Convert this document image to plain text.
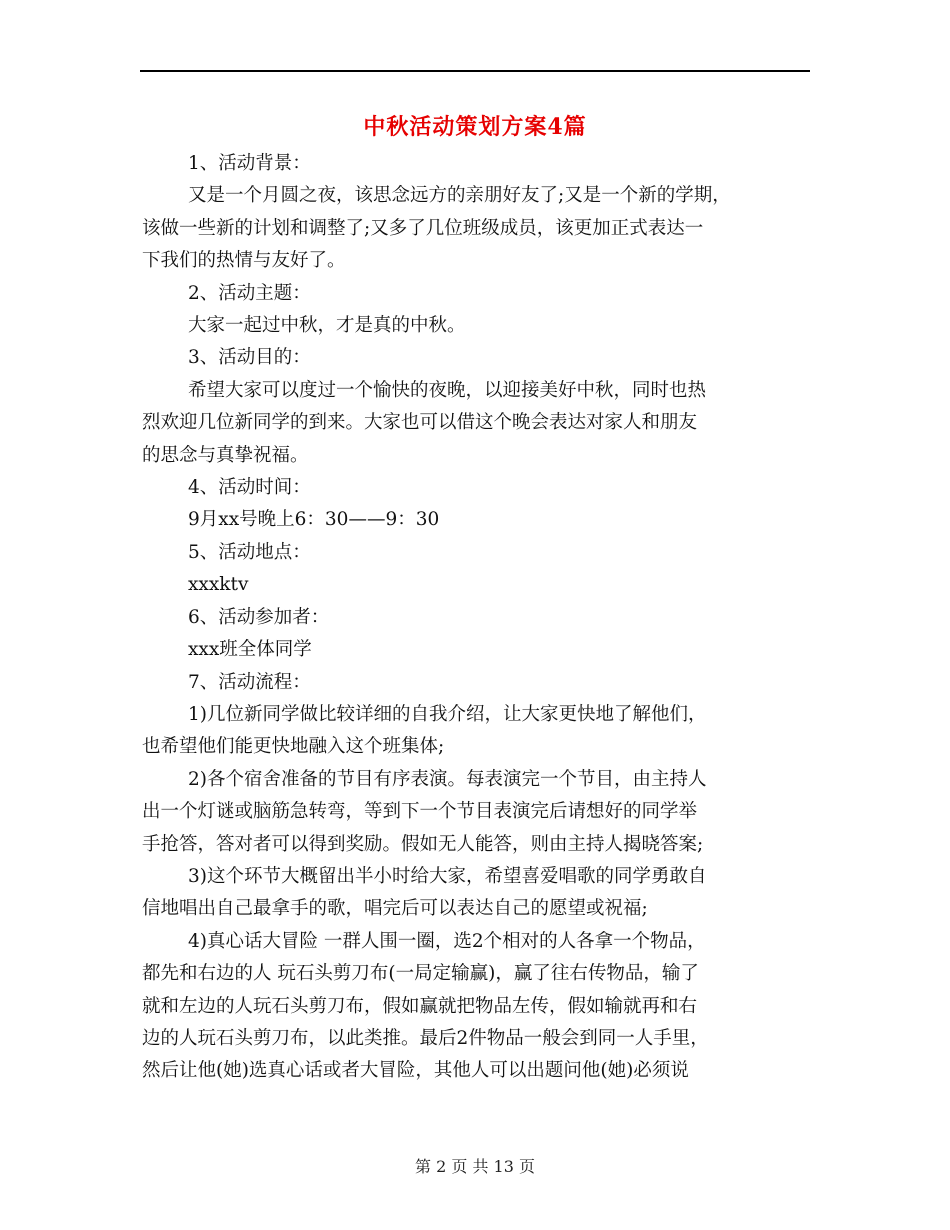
中秋活动策划方案4篇

1、活动背景：

又是一个月圆之夜，该思念远方的亲朋好友了;又是一个新的学期，

该做一些新的计划和调整了;又多了几位班级成员，该更加正式表达一

下我们的热情与友好了。

2、活动主题：

大家一起过中秋，才是真的中秋。

3、活动目的：

希望大家可以度过一个愉快的夜晚，以迎接美好中秋，同时也热

烈欢迎几位新同学的到来。大家也可以借这个晚会表达对家人和朋友

的思念与真挚祝福。

4、活动时间：

9月xx号晚上6：30——9：30

5、活动地点：

xxxktv

6、活动参加者：

xxx班全体同学

7、活动流程：

1)几位新同学做比较详细的自我介绍，让大家更快地了解他们，

也希望他们能更快地融入这个班集体;

2)各个宿舍准备的节目有序表演。每表演完一个节目，由主持人

出一个灯谜或脑筋急转弯，等到下一个节目表演完后请想好的同学举

手抢答，答对者可以得到奖励。假如无人能答，则由主持人揭晓答案;

3)这个环节大概留出半小时给大家，希望喜爱唱歌的同学勇敢自

信地唱出自己最拿手的歌，唱完后可以表达自己的愿望或祝福;

4)真心话大冒险 一群人围一圈，选2个相对的人各拿一个物品，

都先和右边的人 玩石头剪刀布(一局定输赢)，赢了往右传物品，输了

就和左边的人玩石头剪刀布，假如赢就把物品左传，假如输就再和右

边的人玩石头剪刀布，以此类推。最后2件物品一般会到同一人手里，

然后让他(她)选真心话或者大冒险，其他人可以出题问他(她)必须说

第 2 页 共 13 页
